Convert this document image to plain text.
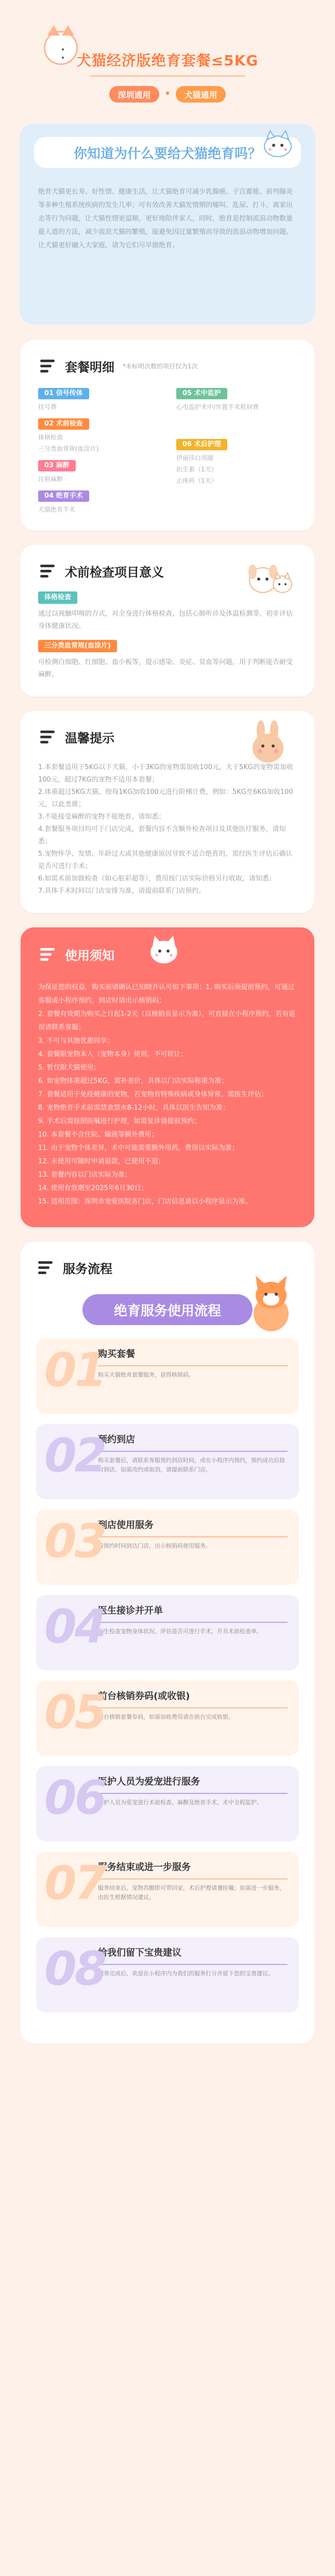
• • 犬猫经济版绝育套餐≤5KG
深圳通用	•	犬猫通用
你知道为什么要给犬猫绝育吗？
绝育犬猫更长寿、好性情、健康生活，让犬猫绝育可减少乳腺癌、子宫蓄脓、前列腺炎等多种生殖系统疾病的发生几率；可有效改善犬猫发情期的嚎叫、乱尿、打斗、离家出走等行为问题，让犬猫性情更温顺，更好地陪伴家人，同时，绝育是控制流浪动物数量最人道的方法，减少流浪犬猫的繁殖，能避免因过量繁殖而导致的流浪动物增加问题。让犬猫更好融入大家庭，请为它们尽早做绝育。
套餐明细 *未标明次数的项目仅为1次
01 信号传体
挂号费
02 术前检查
体格检查
三分类血常规(血涂片)
03 麻醉
注射麻醉
04 绝育手术
犬猫绝育手术
05 术中监护
心电监护术中/外置手术耗材费
06 术后护理
伊丽莎白项圈
抗生素（1天）
止疼药（1天）
术前检查项目意义
体格检查
通过以视触叩嗅的方式，对全身进行体格检查，包括心肺听诊及体温检测等，初步评估身体健康状况。
三分类血常规(血涂片)
可检测白细胞、红细胞、血小板等，提示感染、炎症、贫血等问题，用于判断能否耐受麻醉。
温馨提示

1.本套餐适用于5KG以下犬猫，小于3KG的宠物需加收100元，大于5KG的宠物需加收100元，超过7KG的宠物不适用本套餐；

2.体重超过5KG犬猫，按每1KG加收100元进行阶梯计费，例如：5KG至6KG加收100元，以此类推；

3.不能接受麻醉的宠物不能绝育，请知悉；

4.套餐服务项目均可于门店完成，套餐内容不含额外检查项目及其他医疗服务，请知悉；

5.宠物怀孕、发情、年龄过大或其他健康原因导致不适合绝育的，需经医生评估后确认是否可进行手术；

6.如需术前加做检查（如心脏彩超等），费用按门店实际价格另行收取，请知悉；

7.具体手术时间以门店安排为准，请提前联系门店预约。

使用须知

为保证您的权益，购买前请确认已知晓并认可如下事项：1. 购买后须提前预约，可通过客服或小程序预约，到店时请出示核销码；

2. 套餐有效期为购买之日起1-2天（以核销页显示为准），可直接在小程序预约，若有延误请联系客服；

3. 不可与其他优惠同享；

4. 套餐限宠物本人（宠物本身）使用，不可转让；

5. 暂仅限犬猫使用；

6. 如宠物体重超过5KG，需补差价，具体以门店实际称重为准；

7. 套餐适用于免疫健康的宠物，若宠物有特殊疾病或身体异常，需医生评估；

8. 宠物绝育手术前需禁食禁水8-12小时，具体以医生告知为准；

9. 手术后需按照医嘱进行护理，如需复诊请提前预约；

10. 本套餐不含住院、输液等额外费用；

11. 由于宠物个体差异，术中可能需要额外用药，费用以实际为准；

12. 未使用可随时申请退款，已使用不退；

13. 套餐内容以门店实际为准；

14. 使用有效期至2025年6月30日；

15. 适用范围：深圳市宠爱医院各门店，门店信息请以小程序显示为准。

服务流程
绝育服务使用流程
01
购买套餐
购买犬猫绝育套餐服务，获得核销码。
02
预约到店
购买套餐后，请联系客服预约到店时间，或在小程序内预约，预约成功后按时到店。如需改约或取消，请提前联系门店。
03
到店使用服务
按预约时间到达门店，出示核销码使用服务。
04
医生接诊并开单
医生检查宠物身体状况，评估是否可进行手术，开具术前检查单。
05
前台核销券码(或收银)
前台核销套餐券码，如需加收费用请在前台完成收银。
06
医护人员为爱宠进行服务
医护人员为爱宠进行术前检查、麻醉及绝育手术，术中全程监护。
07
服务结束或进一步服务
服务结束后，宠物苏醒即可带回家，术后护理请遵医嘱；如需进一步服务，由医生根据情况建议。
08
给我们留下宝贵建议
服务完成后，欢迎在小程序内为我们的服务打分并留下您的宝贵建议。
